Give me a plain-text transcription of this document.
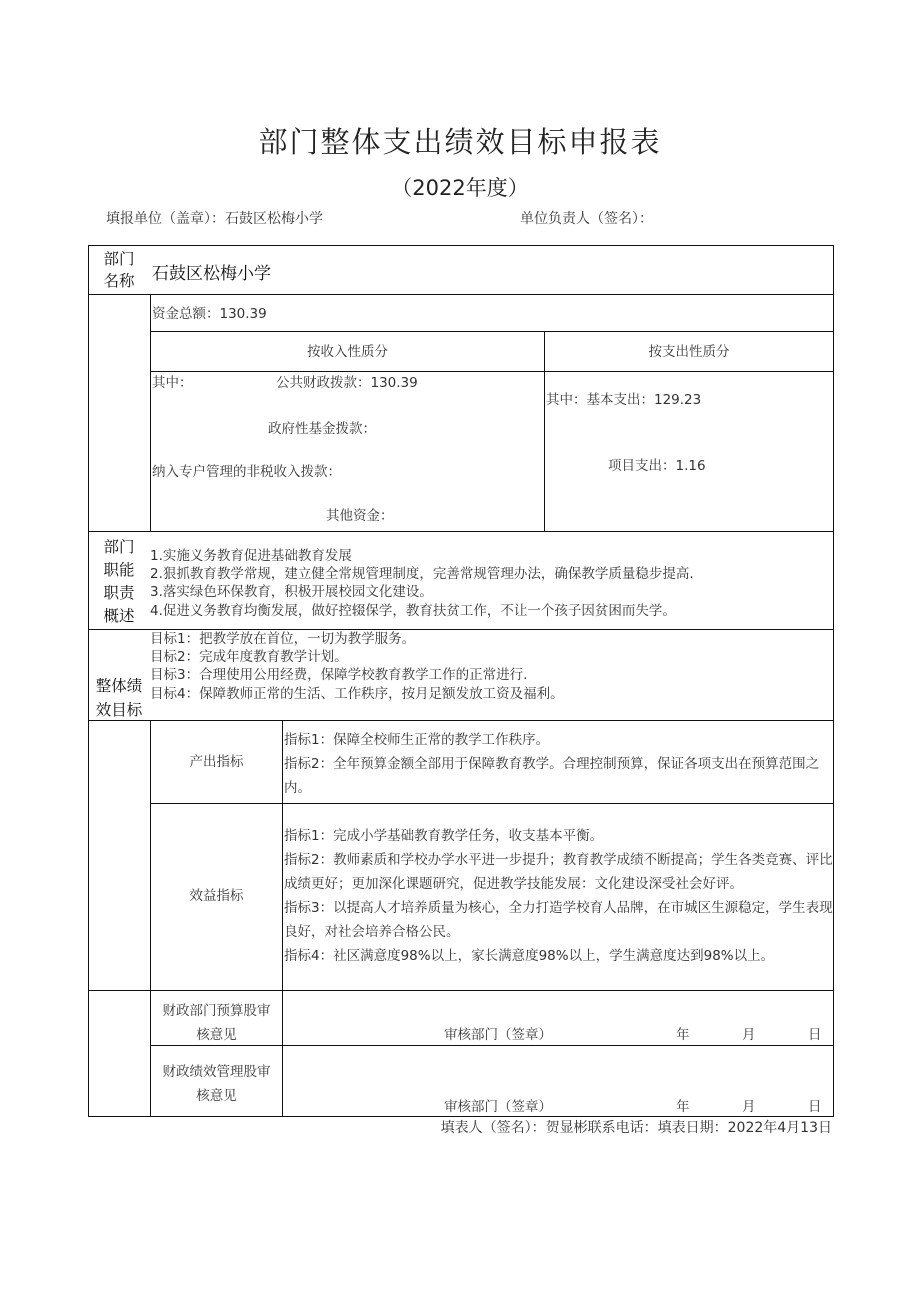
部门整体支出绩效目标申报表
（2022年度）
填报单位（盖章）：石鼓区松梅小学	单位负责人（签名）：
部门
名称	石鼓区松梅小学
资金总额：130.39
按收入性质分	按支出性质分
其中：	公共财政拨款：130.39
政府性基金拨款：
纳入专户管理的非税收入拨款：
其他资金：
其中：基本支出：129.23
项目支出：1.16
部门
职能
职责
概述
1.实施义务教育促进基础教育发展
2.狠抓教育教学常规，建立健全常规管理制度，完善常规管理办法，确保教学质量稳步提高.
3.落实绿色环保教育，积极开展校园文化建设。
4.促进义务教育均衡发展，做好控辍保学，教育扶贫工作，不让一个孩子因贫困而失学。
整体绩
效目标
目标1：把教学放在首位，一切为教学服务。
目标2：完成年度教育教学计划。
目标3：合理使用公用经费，保障学校教育教学工作的正常进行.
目标4：保障教师正常的生活、工作秩序，按月足额发放工资及福利。
产出指标
指标1：保障全校师生正常的教学工作秩序。
指标2：全年预算金额全部用于保障教育教学。合理控制预算，保证各项支出在预算范围之内。
效益指标
指标1：完成小学基础教育教学任务，收支基本平衡。
指标2：教师素质和学校办学水平进一步提升；教育教学成绩不断提高；学生各类竞赛、评比成绩更好；更加深化课题研究，促进教学技能发展：文化建设深受社会好评。
指标3：以提高人才培养质量为核心，全力打造学校育人品牌，在市城区生源稳定，学生表现良好，对社会培养合格公民。
指标4：社区满意度98%以上，家长满意度98%以上，学生满意度达到98%以上。
财政部门预算股审
核意见	审核部门（签章）	年	月	日
财政绩效管理股审
核意见
审核部门（签章）	年	月	日
填表人（签名）：贺显彬联系电话：填表日期：2022年4月13日
